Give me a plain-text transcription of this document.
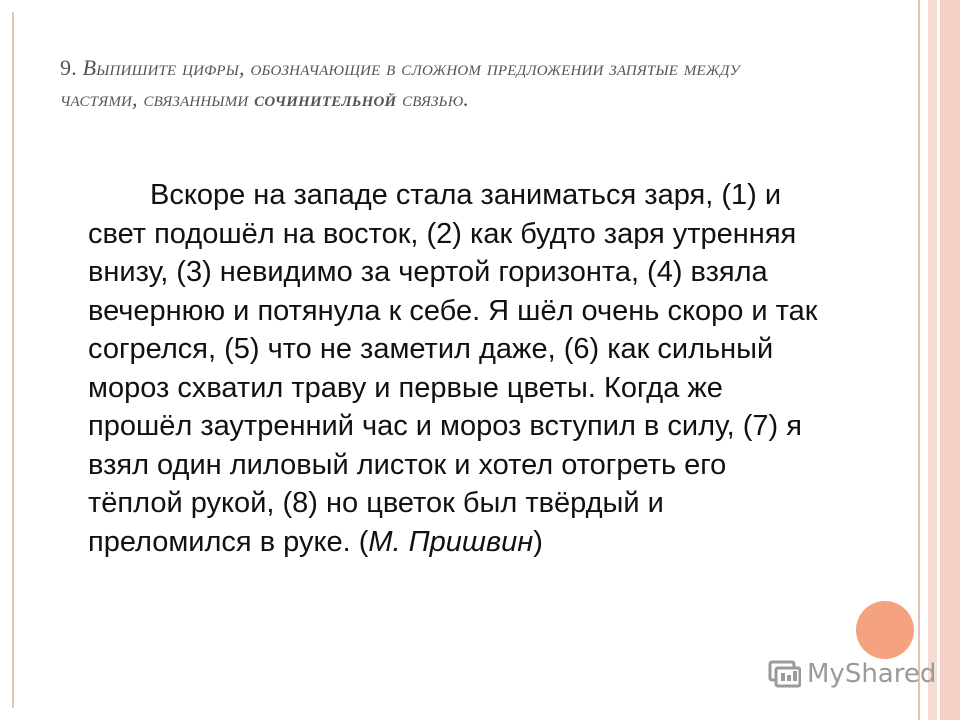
9. Выпишите цифры, обозначающие в сложном предложении запятые между частями, связанными сочинительной связью.
Вскоре на западе стала заниматься заря, (1) и свет подошёл на восток, (2) как будто заря утренняя внизу, (3) невидимо за чертой горизонта, (4) взяла вечернюю и потянула к себе. Я шёл очень скоро и так согрелся, (5) что не заметил даже, (6) как сильный мороз схватил траву и первые цветы. Когда же прошёл заутренний час и мороз вступил в силу, (7) я взял один лиловый листок и хотел отогреть его тёплой рукой, (8) но цветок был твёрдый и преломился в руке. (М. Пришвин)
MyShared
